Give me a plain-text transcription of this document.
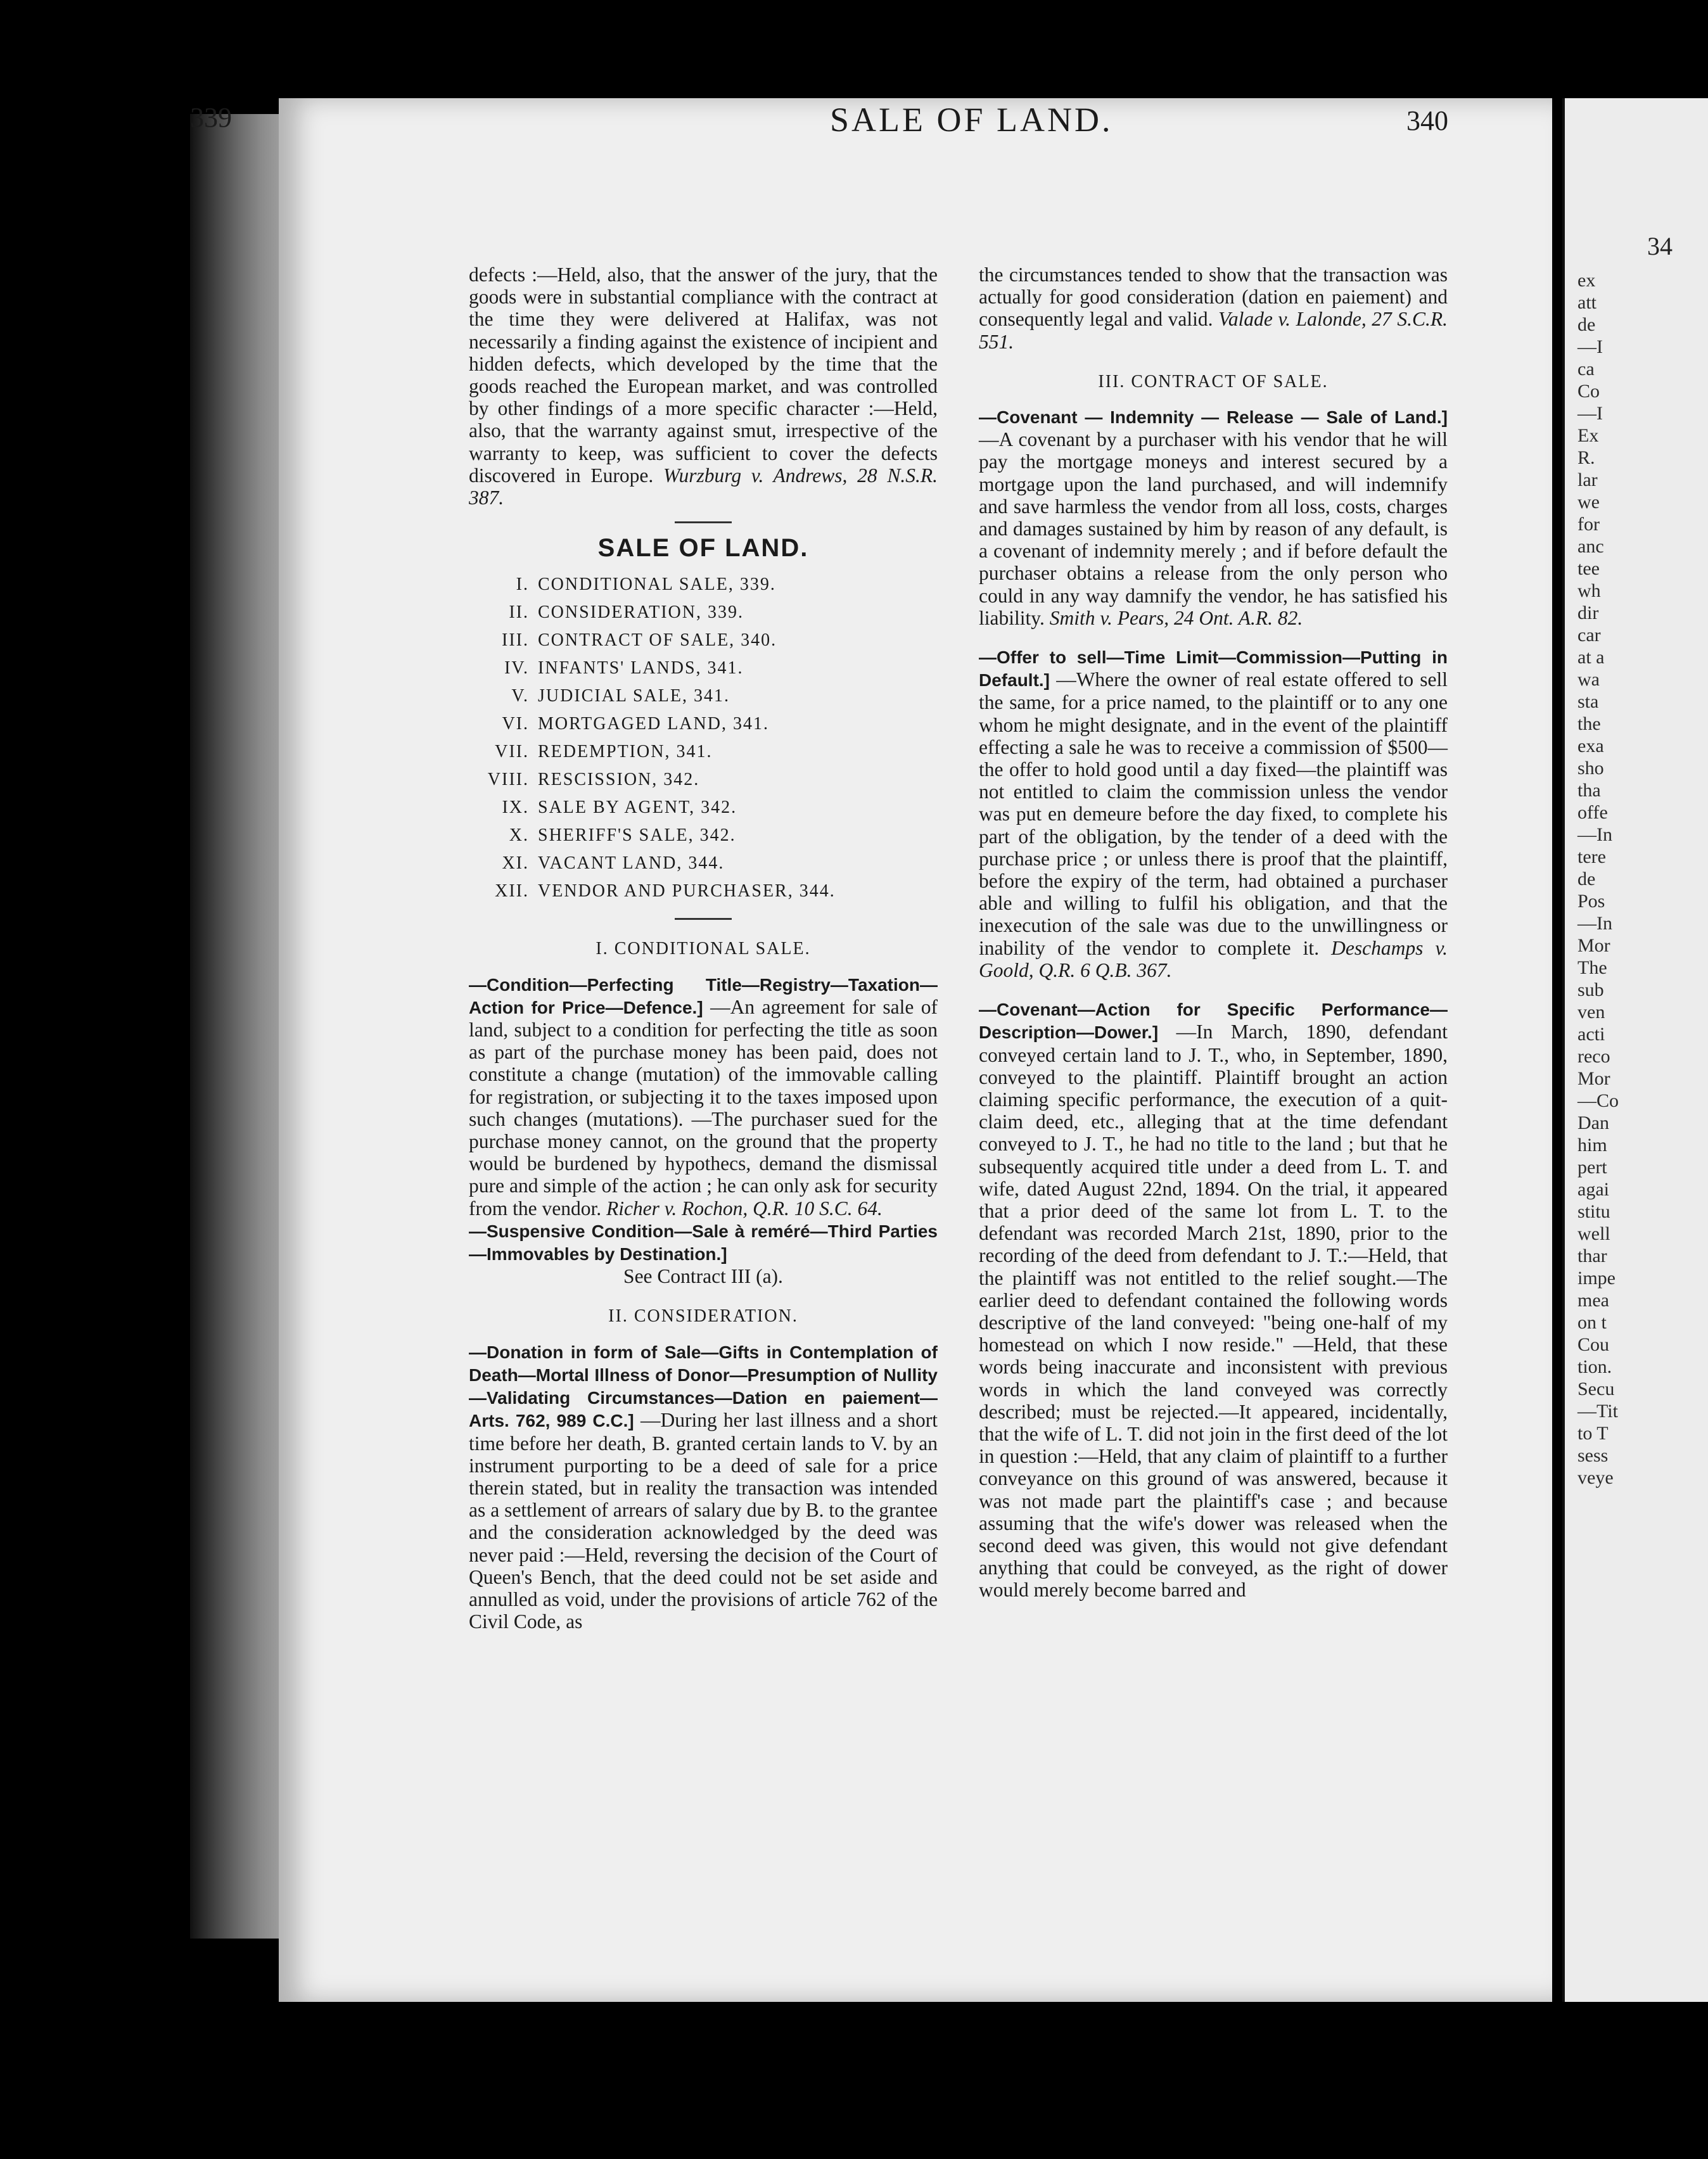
339	SALE OF LAND.	340

defects :—Held, also, that the answer of the jury, that the goods were in substantial compliance with the contract at the time they were delivered at Halifax, was not necessarily a finding against the existence of incipient and hidden defects, which developed by the time that the goods reached the European market, and was controlled by other findings of a more specific character :—Held, also, that the warranty against smut, irrespective of the warranty to keep, was sufficient to cover the defects discovered in Europe. Wurzburg v. Andrews, 28 N.S.R. 387.

SALE OF LAND.
I. CONDITIONAL SALE, 339.
II. CONSIDERATION, 339.
III. CONTRACT OF SALE, 340.
IV. INFANTS' LANDS, 341.
V. JUDICIAL SALE, 341.
VI. MORTGAGED LAND, 341.
VII. REDEMPTION, 341.
VIII. RESCISSION, 342.
IX. SALE BY AGENT, 342.
X. SHERIFF'S SALE, 342.
XI. VACANT LAND, 344.
XII. VENDOR AND PURCHASER, 344.
I. CONDITIONAL SALE.

—Condition—Perfecting Title—Registry—Taxation—Action for Price—Defence.] —An agreement for sale of land, subject to a condition for perfecting the title as soon as part of the purchase money has been paid, does not constitute a change (mutation) of the immovable calling for registration, or subjecting it to the taxes imposed upon such changes (mutations). —The purchaser sued for the purchase money cannot, on the ground that the property would be burdened by hypothecs, demand the dismissal pure and simple of the action ; he can only ask for security from the vendor. Richer v. Rochon, Q.R. 10 S.C. 64.

—Suspensive Condition—Sale à reméré—Third Parties—Immovables by Destination.]

See Contract III (a).

II. CONSIDERATION.

—Donation in form of Sale—Gifts in Contemplation of Death—Mortal Illness of Donor—Presumption of Nullity—Validating Circumstances—Dation en paiement—Arts. 762, 989 C.C.] —During her last illness and a short time before her death, B. granted certain lands to V. by an instrument purporting to be a deed of sale for a price therein stated, but in reality the transaction was intended as a settlement of arrears of salary due by B. to the grantee and the consideration acknowledged by the deed was never paid :—Held, reversing the decision of the Court of Queen's Bench, that the deed could not be set aside and annulled as void, under the provisions of article 762 of the Civil Code, as

the circumstances tended to show that the transaction was actually for good consideration (dation en paiement) and consequently legal and valid. Valade v. Lalonde, 27 S.C.R. 551.

III. CONTRACT OF SALE.

—Covenant — Indemnity — Release — Sale of Land.] —A covenant by a purchaser with his vendor that he will pay the mortgage moneys and interest secured by a mortgage upon the land purchased, and will indemnify and save harmless the vendor from all loss, costs, charges and damages sustained by him by reason of any default, is a covenant of indemnity merely ; and if before default the purchaser obtains a release from the only person who could in any way damnify the vendor, he has satisfied his liability. Smith v. Pears, 24 Ont. A.R. 82.

—Offer to sell—Time Limit—Commission—Putting in Default.] —Where the owner of real estate offered to sell the same, for a price named, to the plaintiff or to any one whom he might designate, and in the event of the plaintiff effecting a sale he was to receive a commission of $500—the offer to hold good until a day fixed—the plaintiff was not entitled to claim the commission unless the vendor was put en demeure before the day fixed, to complete his part of the obligation, by the tender of a deed with the purchase price ; or unless there is proof that the plaintiff, before the expiry of the term, had obtained a purchaser able and willing to fulfil his obligation, and that the inexecution of the sale was due to the unwillingness or inability of the vendor to complete it. Deschamps v. Goold, Q.R. 6 Q.B. 367.

—Covenant—Action for Specific Performance—Description—Dower.] —In March, 1890, defendant conveyed certain land to J. T., who, in September, 1890, conveyed to the plaintiff. Plaintiff brought an action claiming specific performance, the execution of a quit-claim deed, etc., alleging that at the time defendant conveyed to J. T., he had no title to the land ; but that he subsequently acquired title under a deed from L. T. and wife, dated August 22nd, 1894. On the trial, it appeared that a prior deed of the same lot from L. T. to the defendant was recorded March 21st, 1890, prior to the recording of the deed from defendant to J. T.:—Held, that the plaintiff was not entitled to the relief sought.—The earlier deed to defendant contained the following words descriptive of the land conveyed: "being one-half of my homestead on which I now reside." —Held, that these words being inaccurate and inconsistent with previous words in which the land conveyed was correctly described; must be rejected.—It appeared, incidentally, that the wife of L. T. did not join in the first deed of the lot in question :—Held, that any claim of plaintiff to a further conveyance on this ground of was answered, because it was not made part the plaintiff's case ; and because assuming that the wife's dower was released when the second deed was given, this would not give defendant anything that could be conveyed, as the right of dower would merely become barred and

34
ex
att
de
—I
ca
Co
—I
Ex
R.
lar
we
for
anc
tee
wh
dir
car
at a
wa
sta
the
exa
sho
tha
offe
—In
tere
de
Pos
—In
Mor
The
sub
ven
acti
reco
Mor
—Co
Dan
him
pert
agai
stitu
well
thar
impe
mea
on t
Cou
tion.
Secu
—Tit
to T
sess
veye
